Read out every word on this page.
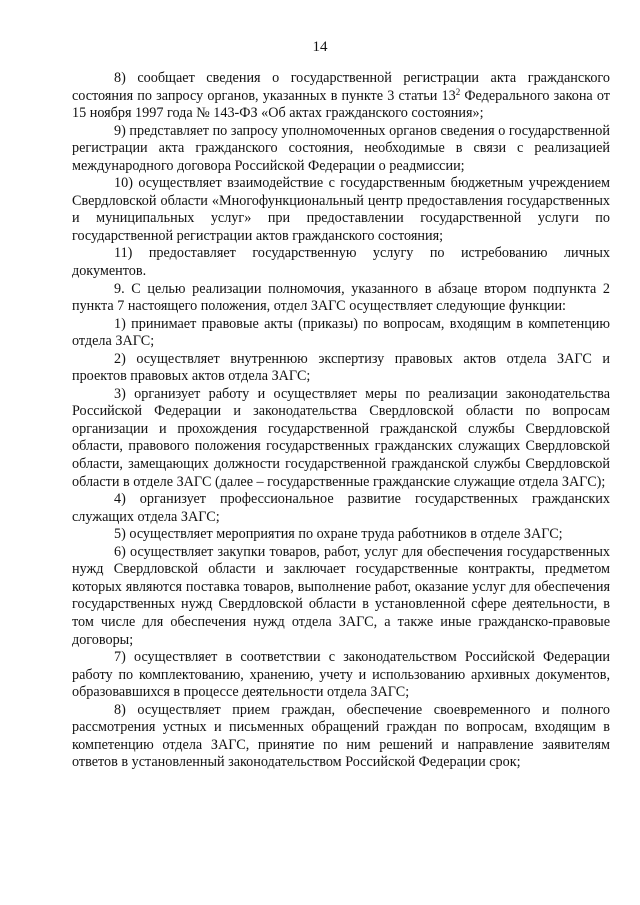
14

8) сообщает сведения о государственной регистрации акта гражданского состояния по запросу органов, указанных в пункте 3 статьи $13^2$ Федерального закона от 15 ноября 1997 года № 143-ФЗ «Об актах гражданского состояния»;

9) представляет по запросу уполномоченных органов сведения о государственной регистрации акта гражданского состояния, необходимые в связи с реализацией международного договора Российской Федерации о реадмиссии;

10) осуществляет взаимодействие с государственным бюджетным учреждением Свердловской области «Многофункциональный центр предоставления государственных и муниципальных услуг» при предоставлении государственной услуги по государственной регистрации актов гражданского состояния;

11) предоставляет государственную услугу по истребованию личных документов.

9. С целью реализации полномочия, указанного в абзаце втором подпункта 2 пункта 7 настоящего положения, отдел ЗАГС осуществляет следующие функции:

1) принимает правовые акты (приказы) по вопросам, входящим в компетенцию отдела ЗАГС;

2) осуществляет внутреннюю экспертизу правовых актов отдела ЗАГС и проектов правовых актов отдела ЗАГС;

3) организует работу и осуществляет меры по реализации законодательства Российской Федерации и законодательства Свердловской области по вопросам организации и прохождения государственной гражданской службы Свердловской области, правового положения государственных гражданских служащих Свердловской области, замещающих должности государственной гражданской службы Свердловской области в отделе ЗАГС (далее – государственные гражданские служащие отдела ЗАГС);

4) организует профессиональное развитие государственных гражданских служащих отдела ЗАГС;

5) осуществляет мероприятия по охране труда работников в отделе ЗАГС;

6) осуществляет закупки товаров, работ, услуг для обеспечения государственных нужд Свердловской области и заключает государственные контракты, предметом которых являются поставка товаров, выполнение работ, оказание услуг для обеспечения государственных нужд Свердловской области в установленной сфере деятельности, в том числе для обеспечения нужд отдела ЗАГС, а также иные гражданско-правовые договоры;

7) осуществляет в соответствии с законодательством Российской Федерации работу по комплектованию, хранению, учету и использованию архивных документов, образовавшихся в процессе деятельности отдела ЗАГС;

8) осуществляет прием граждан, обеспечение своевременного и полного рассмотрения устных и письменных обращений граждан по вопросам, входящим в компетенцию отдела ЗАГС, принятие по ним решений и направление заявителям ответов в установленный законодательством Российской Федерации срок;
